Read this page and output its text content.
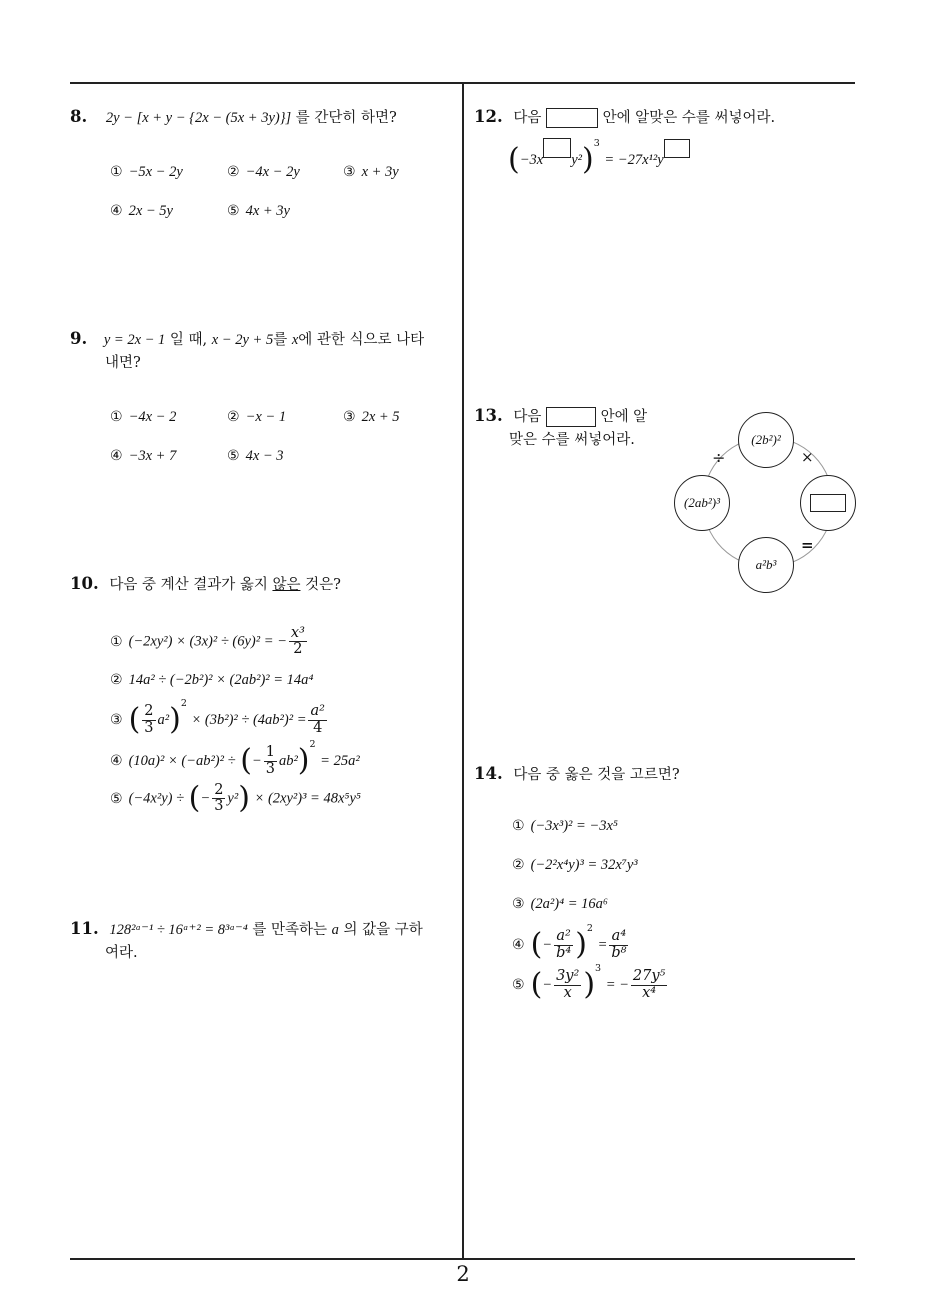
2
8. 2y − [x + y − {2x − (5x + 3y)}] 를 간단히 하면?
① −5x − 2y	② −4x − 2y	③ x + 3y
④ 2x − 5y	⑤ 4x + 3y
9. y = 2x − 1 일 때, x − 2y + 5를 x에 관한 식으로 나타
내면?
① −4x − 2	② −x − 1	③ 2x + 5
④ −3x + 7	⑤ 4x − 3
10. 다음 중 계산 결과가 옳지 않은 것은?
① (−2xy²) × (3x)² ÷ (6y)² = − $\frac{\text{x³}}{2}$
② 14a² ÷ (−2b²)² × (2ab²)² = 14a⁴
③ ( $\frac{2}{3} a^2)^2 \times (3b^2)^2 \div (4ab^2)^2 = \frac{\text{a²}}{4}$
④ (10a)² × (−ab²)² ÷ (− $\frac{1}{3} ab^2)^2 = 25a^2$
⑤ (−4x²y) ÷ (− $\frac{2}{3} y^2) \times (2xy^2)^3 = 48x^5y^5$
11. 128²ᵃ⁻¹ ÷ 16ᵃ⁺² = 8³ᵃ⁻⁴ 를 만족하는 a 의 값을 구하
여라.
12. 다음	안에 알맞은 수를 써넣어라.
(−3x y²)$^3$ = −27x¹²y
13. 다음	안에 알
맞은 수를 써넣어라.	(2b²)²
(2ab²)³
a²b³
÷	×
=
14. 다음 중 옳은 것을 고르면?
① (−3x³)² = −3x⁵
② (−2²x⁴y)³ = 32x⁷y³
③ (2a²)⁴ = 16a⁶
④ (− $\frac{\text{a²}}{\text{b⁴}} )^2 = \frac{\text{a⁴}}{\text{b⁸}}$
⑤ (− $\frac{\text{3y²}}{x} )^3$ = − $\frac{\text{27y⁵}}{\text{x⁴}}$
